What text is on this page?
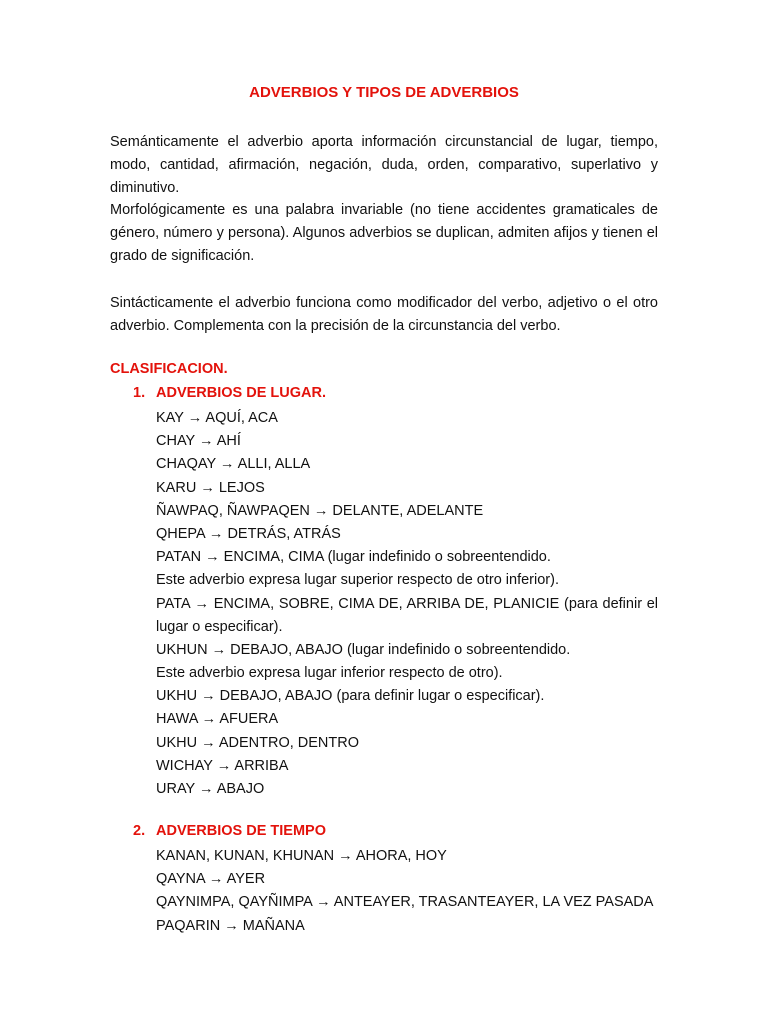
ADVERBIOS Y TIPOS DE ADVERBIOS
Semánticamente el adverbio aporta información circunstancial de lugar, tiempo, modo, cantidad, afirmación, negación, duda, orden, comparativo, superlativo y diminutivo.
Morfológicamente es una palabra invariable (no tiene accidentes gramaticales de género, número y persona). Algunos adverbios se duplican, admiten afijos y tienen el grado de significación.
Sintácticamente el adverbio funciona como modificador del verbo, adjetivo o el otro adverbio. Complementa con la precisión de la circunstancia del verbo.
CLASIFICACION.
1. ADVERBIOS DE LUGAR.
KAY → AQUÍ, ACA
CHAY → AHÍ
CHAQAY → ALLI, ALLA
KARU → LEJOS
ÑAWPAQ, ÑAWPAQEN → DELANTE, ADELANTE
QHEPA → DETRÁS, ATRÁS
PATAN → ENCIMA, CIMA (lugar indefinido o sobreentendido.
Este adverbio expresa lugar superior respecto de otro inferior).
PATA → ENCIMA, SOBRE, CIMA DE, ARRIBA DE, PLANICIE (para definir el lugar o especificar).
UKHUN → DEBAJO, ABAJO (lugar indefinido o sobreentendido.
Este adverbio expresa lugar inferior respecto de otro).
UKHU → DEBAJO, ABAJO (para definir lugar o especificar).
HAWA → AFUERA
UKHU → ADENTRO, DENTRO
WICHAY → ARRIBA
URAY → ABAJO
2. ADVERBIOS DE TIEMPO
KANAN, KUNAN, KHUNAN → AHORA, HOY
QAYNA → AYER
QAYNIMPA, QAYÑIMPA → ANTEAYER, TRASANTEAYER, LA VEZ PASADA
PAQARIN → MAÑANA
